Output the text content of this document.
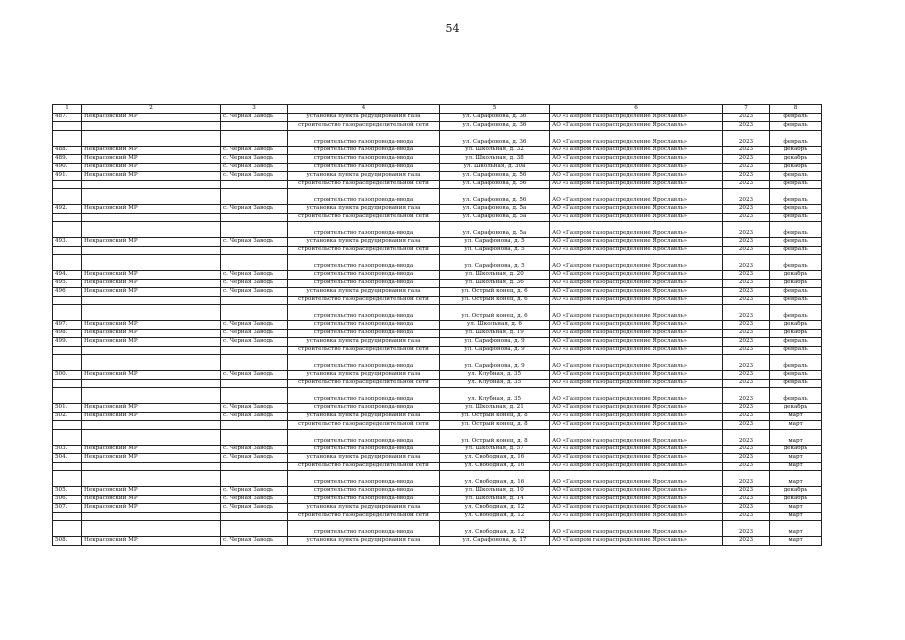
54
1	2	3	4	5	6	7	8
487.	Некрасовский МР	с. Черная Заводь	установка пункта редуцирования газа	ул. Сарафонова, д. 36	АО «Газпром газораспределение Ярославль»	2023	февраль
			строительство газораспределительной сети	ул. Сарафонова, д. 36	АО «Газпром газораспределение Ярославль»	2023	февраль
			строительство газопровода-ввода	ул. Сарафонова, д. 36	АО «Газпром газораспределение Ярославль»	2023	февраль
488.	Некрасовский МР	с. Черная Заводь	строительство газопровода-ввода	ул. Школьная, д. 32	АО «Газпром газораспределение Ярославль»	2023	декабрь
489.	Некрасовский МР	с. Черная Заводь	строительство газопровода-ввода	ул. Школьная, д. 38	АО «Газпром газораспределение Ярославль»	2023	декабрь
490.	Некрасовский МР	с. Черная Заводь	строительство газопровода-ввода	ул. Школьная, д. 30а	АО «Газпром газораспределение Ярославль»	2023	декабрь
491.	Некрасовский МР	с. Черная Заводь	установка пункта редуцирования газа	ул. Сарафонова, д. 56	АО «Газпром газораспределение Ярославль»	2023	февраль
			строительство газораспределительной сети	ул. Сарафонова, д. 56	АО «Газпром газораспределение Ярославль»	2023	февраль
			строительство газопровода-ввода	ул. Сарафонова, д. 56	АО «Газпром газораспределение Ярославль»	2023	февраль
492.	Некрасовский МР	с. Черная Заводь	установка пункта редуцирования газа	ул. Сарафонова, д. 5а	АО «Газпром газораспределение Ярославль»	2023	февраль
			строительство газораспределительной сети	ул. Сарафонова, д. 5а	АО «Газпром газораспределение Ярославль»	2023	февраль
			строительство газопровода-ввода	ул. Сарафонова, д. 5а	АО «Газпром газораспределение Ярославль»	2023	февраль
493.	Некрасовский МР	с. Черная Заводь	установка пункта редуцирования газа	ул. Сарафонова, д. 5	АО «Газпром газораспределение Ярославль»	2023	февраль
			строительство газораспределительной сети	ул. Сарафонова, д. 5	АО «Газпром газораспределение Ярославль»	2023	февраль
			строительство газопровода-ввода	ул. Сарафонова, д. 5	АО «Газпром газораспределение Ярославль»	2023	февраль
494.	Некрасовский МР	с. Черная Заводь	строительство газопровода-ввода	ул. Школьная, д. 20	АО «Газпром газораспределение Ярославль»	2023	декабрь
495.	Некрасовский МР	с. Черная Заводь	строительство газопровода-ввода	ул. Школьная, д. 36	АО «Газпром газораспределение Ярославль»	2023	декабрь
496	Некрасовский МР	с. Черная Заводь	установка пункта редуцирования газа	ул. Острый конец, д. 6	АО «Газпром газораспределение Ярославль»	2023	февраль
			строительство газораспределительной сети	ул. Острый конец, д. 6	АО «Газпром газораспределение Ярославль»	2023	февраль
			строительство газопровода-ввода	ул. Острый конец, д. 6	АО «Газпром газораспределение Ярославль»	2023	февраль
497.	Некрасовский МР	с. Черная Заводь	строительство газопровода-ввода	ул. Школьная, д. 6	АО «Газпром газораспределение Ярославль»	2023	декабрь
498.	Некрасовский МР	с. Черная Заводь	строительство газопровода-ввода	ул. Школьная, д. 19	АО «Газпром газораспределение Ярославль»	2023	декабрь
499.	Некрасовский МР	с. Черная Заводь	установка пункта редуцирования газа	ул. Сарафонова, д. 9	АО «Газпром газораспределение Ярославль»	2023	февраль
			строительство газораспределительной сети	ул. Сарафонова, д. 9	АО «Газпром газораспределение Ярославль»	2023	февраль
			строительство газопровода-ввода	ул. Сарафонова, д. 9	АО «Газпром газораспределение Ярославль»	2023	февраль
500.	Некрасовский МР	с. Черная Заводь	установка пункта редуцирования газа	ул. Клубная, д. 35	АО «Газпром газораспределение Ярославль»	2023	февраль
			строительство газораспределительной сети	ул. Клубная, д. 35	АО «Газпром газораспределение Ярославль»	2023	февраль
			строительство газопровода-ввода	ул. Клубная, д. 35	АО «Газпром газораспределение Ярославль»	2023	февраль
501.	Некрасовский МР	с. Черная Заводь	строительство газопровода-ввода	ул. Школьная, д. 21	АО «Газпром газораспределение Ярославль»	2023	декабрь
502.	Некрасовский МР	с. Черная Заводь	установка пункта редуцирования газа	ул. Острый конец, д. 8	АО «Газпром газораспределение Ярославль»	2023	март
			строительство газораспределительной сети	ул. Острый конец, д. 8	АО «Газпром газораспределение Ярославль»	2023	март
			строительство газопровода-ввода	ул. Острый конец, д. 8	АО «Газпром газораспределение Ярославль»	2023	март
503.	Некрасовский МР	с. Черная Заводь	строительство газопровода-ввода	ул. Школьная, д. 57	АО «Газпром газораспределение Ярославль»	2023	декабрь
504.	Некрасовский МР	с. Черная Заводь	установка пункта редуцирования газа	ул. Свободная, д. 16	АО «Газпром газораспределение Ярославль»	2023	март
			строительство газораспределительной сети	ул. Свободная, д. 16	АО «Газпром газораспределение Ярославль»	2023	март
			строительство газопровода-ввода	ул. Свободная, д. 16	АО «Газпром газораспределение Ярославль»	2023	март
505.	Некрасовский МР	с. Черная Заводь	строительство газопровода-ввода	ул. Школьная, д. 10	АО «Газпром газораспределение Ярославль»	2023	декабрь
506.	Некрасовский МР	с. Черная Заводь	строительство газопровода-ввода	ул. Школьная, д. 14	АО «Газпром газораспределение Ярославль»	2023	декабрь
507.	Некрасовский МР	с. Черная Заводь	установка пункта редуцирования газа	ул. Свободная, д. 12	АО «Газпром газораспределение Ярославль»	2023	март
			строительство газораспределительной сети	ул. Свободная, д. 12	АО «Газпром газораспределение Ярославль»	2023	март
			строительство газопровода-ввода	ул. Свободная, д. 12	АО «Газпром газораспределение Ярославль»	2023	март
508.	Некрасовский МР	с. Черная Заводь	установка пункта редуцирования газа	ул. Сарафонова, д. 17	АО «Газпром газораспределение Ярославль»	2023	март
